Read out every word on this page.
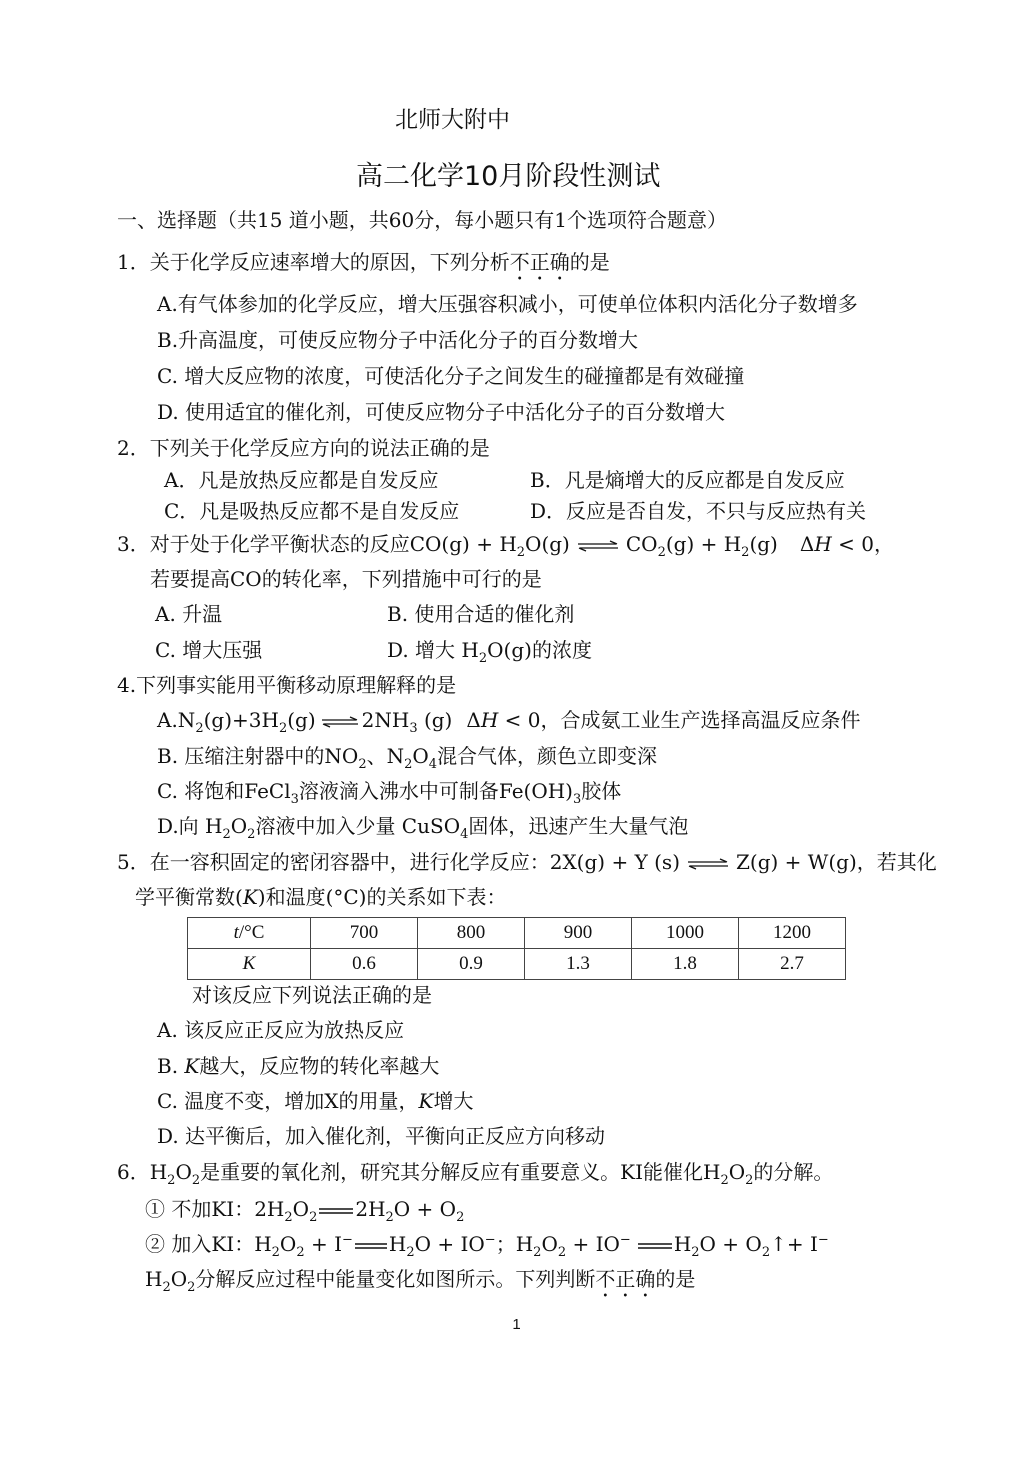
北师大附中
高二化学10月阶段性测试
一、选择题（共15 道小题，共60分，每小题只有1个选项符合题意）
1．关于化学反应速率增大的原因，下列分析不正确的是
A.有气体参加的化学反应，增大压强容积减小，可使单位体积内活化分子数增多
B.升高温度，可使反应物分子中活化分子的百分数增大
C. 增大反应物的浓度，可使活化分子之间发生的碰撞都是有效碰撞
D. 使用适宜的催化剂，可使反应物分子中活化分子的百分数增大
2．下列关于化学反应方向的说法正确的是
A．凡是放热反应都是自发反应	B．凡是熵增大的反应都是自发反应
C．凡是吸热反应都不是自发反应	D．反应是否自发，不只与反应热有关
3．对于处于化学平衡状态的反应$CO(g) + H_2O(g)$ ⇌ $CO_2(g) + H_2(g) \Delta H < 0$，
若要提高CO的转化率，下列措施中可行的是
A. 升温	B. 使用合适的催化剂
C. 增大压强	D. 增大 $H_2O(g)$的浓度
4.下列事实能用平衡移动原理解释的是
$A.N_2(g)+3H_2(g)$ ⇌ $2NH_3$ (g) ΔH < 0，合成氨工业生产选择高温反应条件
B. 压缩注射器中的$NO_2$、$N_2O_4$混合气体，颜色立即变深
C. 将饱和FeCl$_3$溶液滴入沸水中可制备$Fe(OH)_3$胶体
D.向 $H_2O_2$溶液中加入少量 CuSO$_4$固体，迅速产生大量气泡
5．在一容积固定的密闭容器中，进行化学反应：2X(g) + Y (s) ⇌ Z(g) + W(g)，若其化
学平衡常数(K)和温度(°C)的关系如下表：
t/°C	700	800	900	1000	1200
K	0.6	0.9	1.3	1.8	2.7
对该反应下列说法正确的是
A. 该反应正反应为放热反应
B. K越大，反应物的转化率越大
C. 温度不变，增加X的用量，K增大
D. 达平衡后，加入催化剂，平衡向正反应方向移动
6．$H_2O_2$是重要的氧化剂，研究其分解反应有重要意义。KI能催化$H_2O_2$的分解。
① 不加KI：$2H_2O_2$ $2H_2O + O_2$
② 加入KI：$H_2O_2 + I^-$ $H_2O + IO^-$；$H_2O_2 + IO^-$ $H_2O$ + $O_2↑+ I^-$
$H_2O_2$分解反应过程中能量变化如图所示。下列判断不正确的是
1
